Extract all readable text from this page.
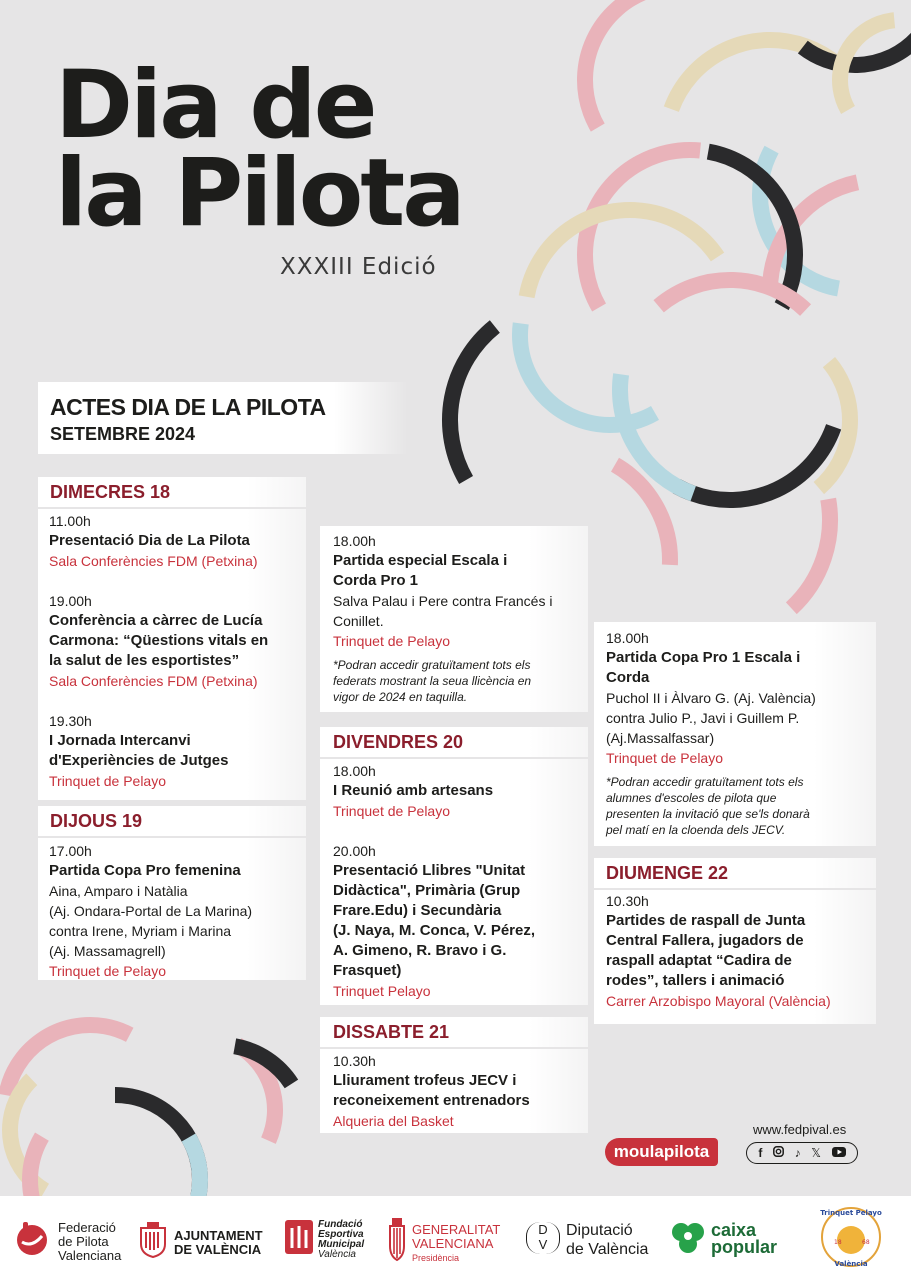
Dia de
la Pilota
XXXIII Edició
ACTES DIA DE LA PILOTA
SETEMBRE 2024
DIMECRES 18
11.00h
Presentació Dia de La Pilota
Sala Conferències FDM (Petxina)
19.00h
Conferència a càrrec de Lucía
Carmona: “Qüestions vitals en
la salut de les esportistes”
Sala Conferències FDM (Petxina)
19.30h
I Jornada Intercanvi
d'Experiències de Jutges
Trinquet de Pelayo
DIJOUS 19
17.00h
Partida Copa Pro femenina
Aina, Amparo i Natàlia
(Aj. Ondara-Portal de La Marina)
contra Irene, Myriam i Marina
(Aj. Massamagrell)
Trinquet de Pelayo
18.00h
Partida especial Escala i
Corda Pro 1
Salva Palau i Pere contra Francés i
Conillet.
Trinquet de Pelayo
*Podran accedir gratuïtament tots els
federats mostrant la seua llicència en
vigor de 2024 en taquilla.
DIVENDRES 20
18.00h
I Reunió amb artesans
Trinquet de Pelayo
20.00h
Presentació Llibres "Unitat
Didàctica", Primària (Grup
Frare.Edu) i Secundària
(J. Naya, M. Conca, V. Pérez,
A. Gimeno, R. Bravo i G.
Frasquet)
Trinquet Pelayo
DISSABTE 21
10.30h
Lliurament trofeus JECV i
reconeixement entrenadors
Alqueria del Basket
18.00h
Partida Copa Pro 1 Escala i
Corda
Puchol II i Àlvaro G. (Aj. València)
contra Julio P., Javi i Guillem P.
(Aj.Massalfassar)
Trinquet de Pelayo
*Podran accedir gratuïtament tots els
alumnes d'escoles de pilota que
presenten la invitació que se'ls donarà
pel matí en la cloenda dels JECV.
DIUMENGE 22
10.30h
Partides de raspall de Junta
Central Fallera, jugadors de
raspall adaptat “Cadira de
rodes”, tallers i animació
Carrer Arzobispo Mayoral (València)
moulapilota
www.fedpival.es
f	♪ 𝕏
Federació
de Pilota
Valenciana
AJUNTAMENT
DE VALÈNCIA
Fundació
Esportiva
Municipal
València
GENERALITAT
VALENCIANA
Presidència
D
V
Diputació
de València
caixa
popular
Trinquet Pelayo
València
18	68
